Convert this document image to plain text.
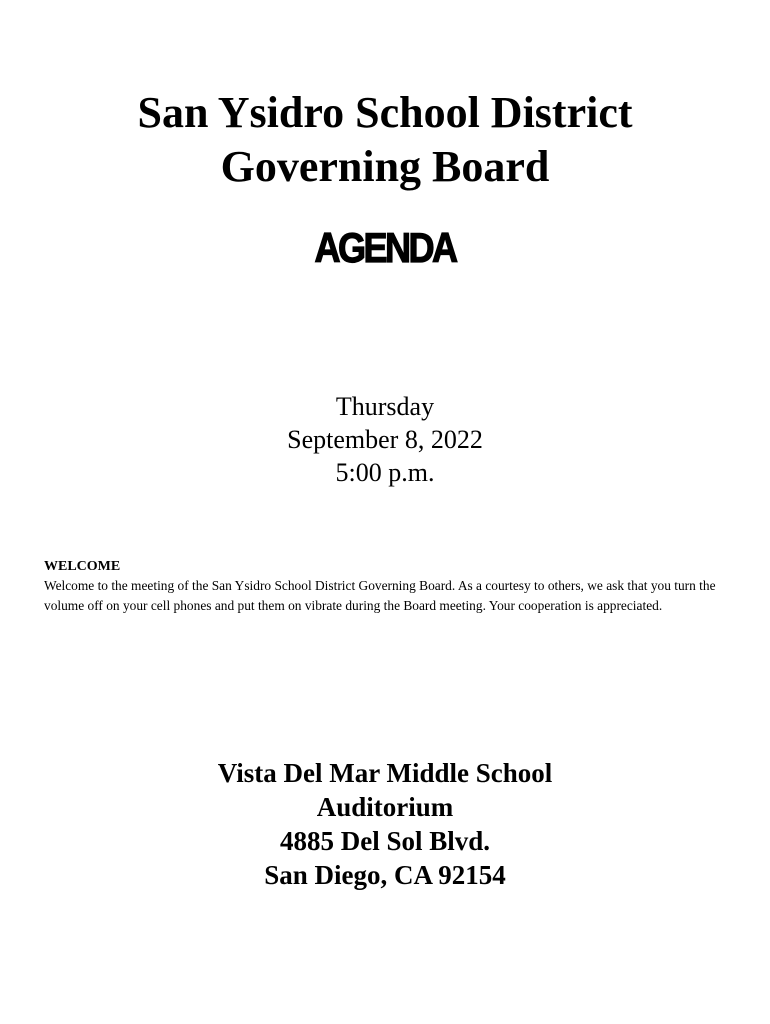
San Ysidro School District
Governing Board
AGENDA
Thursday
September 8, 2022
5:00 p.m.
WELCOME
Welcome to the meeting of the San Ysidro School District Governing Board. As a courtesy to others, we ask that you turn the volume off on your cell phones and put them on vibrate during the Board meeting. Your cooperation is appreciated.
Vista Del Mar Middle School
Auditorium
4885 Del Sol Blvd.
San Diego, CA 92154
